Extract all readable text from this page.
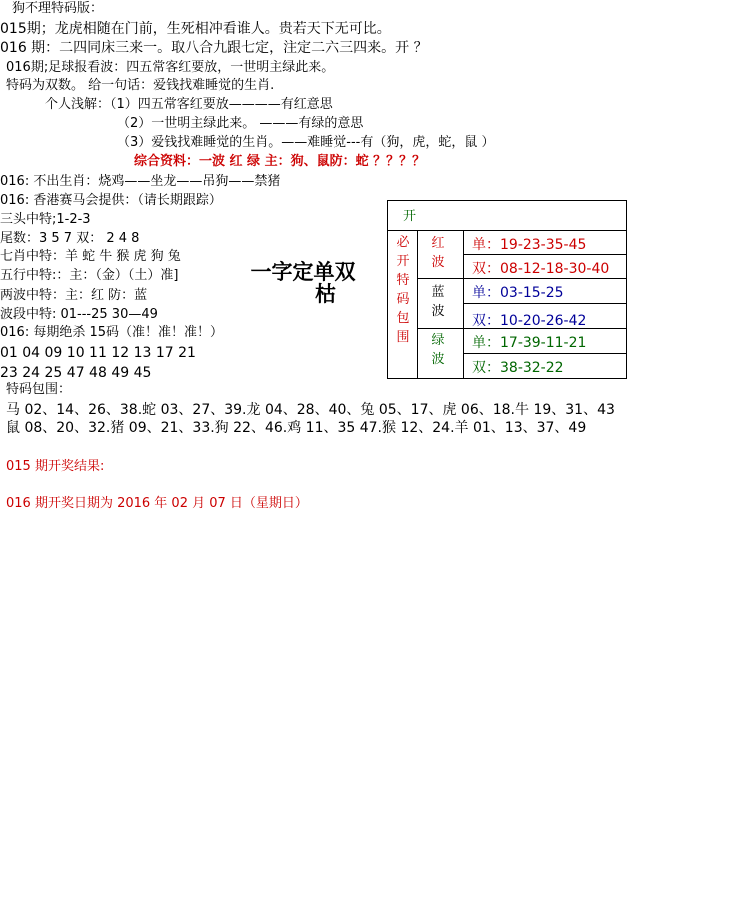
狗不理特码版：
015期；龙虎相随在门前，生死相冲看谁人。贵若天下无可比。
016 期：二四同床三来一。取八合九跟七定，注定二六三四来。开 ？
016期;足球报看波：四五常客红要放，一世明主绿此来。
特码为双数。 给一句话：爱钱找难睡觉的生肖.
个人浅解：（1）四五常客红要放————有红意思
（2）一世明主绿此来。 ———有绿的意思
（3）爱钱找难睡觉的生肖。——难睡觉---有（狗，虎，蛇，鼠 ）
综合资料：一波 红 绿 主：狗、鼠防：蛇 ？？？？
016: 不出生肖：烧鸡——坐龙——吊狗——禁猪
016: 香港赛马会提供：（请长期跟踪）
三头中特;1-2-3
尾数：3 5 7 双： 2 4 8
七肖中特：羊 蛇 牛 猴 虎 狗 兔
五行中特:：主：（金）（土）准]
两波中特：主：红 防：蓝
波段中特: 01---25 30—49
016: 每期绝杀 15码（准！准！准！）
01 04 09 10 11 12 13 17 21
23 24 25 47 48 49 45
一字定单双
枯
开
必
开
特
码
包
围
红
波
单：19-23-35-45
双：08-12-18-30-40
蓝
波
单：03-15-25
双：10-20-26-42
绿
波
单：17-39-11-21
双：38-32-22
特码包围：
马 02、14、26、38.蛇 03、27、39.龙 04、28、40、兔 05、17、虎 06、18.牛 19、31、43
鼠 08、20、32.猪 09、21、33.狗 22、46.鸡 11、35 47.猴 12、24.羊 01、13、37、49
015 期开奖结果:
016 期开奖日期为 2016 年 02 月 07 日（星期日）
